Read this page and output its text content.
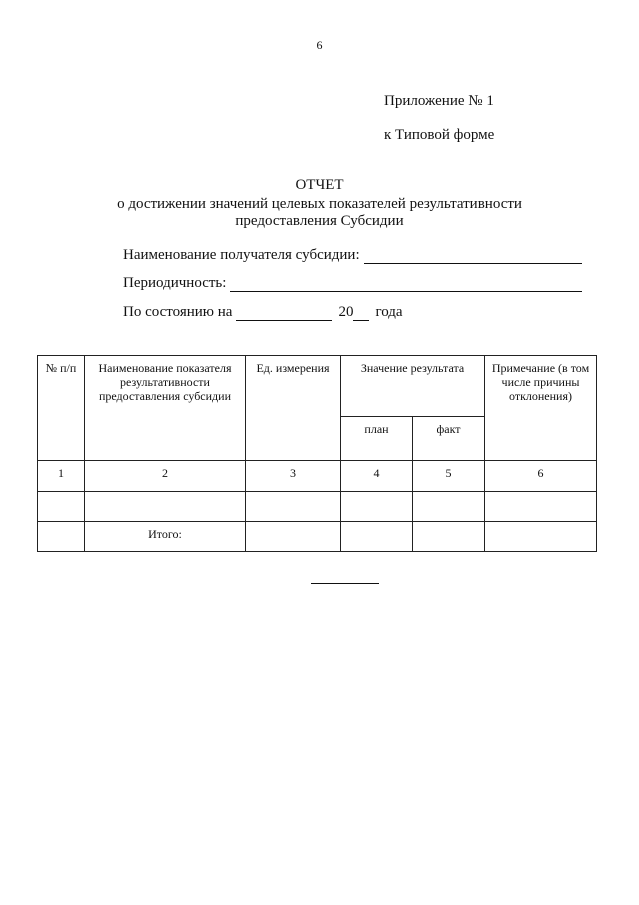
6
Приложение № 1
к Типовой форме
ОТЧЕТ
о достижении значений целевых показателей результативности
предоставления Субсидии
Наименование получателя субсидии:
Периодичность:
По состоянию на	20 года
№ п/п	Наименование показателя результативности предоставления субсидии	Ед. измерения	Значение результата		Примечание (в том числе причины отклонения)
			план	факт	
1	2	3	4	5	6

	Итого:				
